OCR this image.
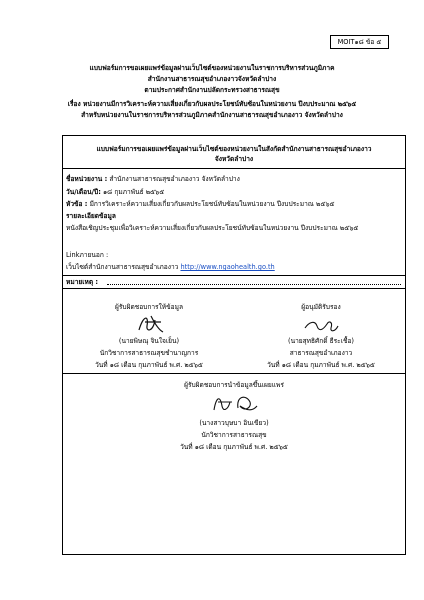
MOIT๑๘ ข้อ ๕
แบบฟอร์มการขอเผยแพร่ข้อมูลผ่านเว็บไซต์ของหน่วยงานในราชการบริหารส่วนภูมิภาค
สำนักงานสาธารณสุขอำเภองาวจังหวัดลำปาง
ตามประกาศสำนักงานปลัดกระทรวงสาธารณสุข
เรื่อง หน่วยงานมีการวิเคราะห์ความเสี่ยงเกี่ยวกับผลประโยชน์ทับซ้อนในหน่วยงาน ปีงบประมาณ ๒๕๖๕
สำหรับหน่วยงานในราชการบริหารส่วนภูมิภาคสำนักงานสาธารณสุขอำเภองาว จังหวัดลำปาง
แบบฟอร์มการขอเผยแพร่ข้อมูลผ่านเว็บไซต์ของหน่วยงานในสังกัดสำนักงานสาธารณสุขอำเภองาว
จังหวัดลำปาง
ชื่อหน่วยงาน : สำนักงานสาธารณสุขอำเภองาว จังหวัดลำปาง
วัน/เดือน/ปี: ๑๘ กุมภาพันธ์ ๒๕๖๕
หัวข้อ : มีการวิเคราะห์ความเสี่ยงเกี่ยวกับผลประโยชน์ทับซ้อนในหน่วยงาน ปีงบประมาณ ๒๕๖๕
รายละเอียดข้อมูล
หนังสือเชิญประชุมเพื่อวิเคราะห์ความเสี่ยงเกี่ยวกับผลประโยชน์ทับซ้อนในหน่วยงาน ปีงบประมาณ ๒๕๖๕
Linkภายนอก :
เว็บไซต์สำนักงานสาธารณสุขอำเภองาว http://www.ngaohealth.go.th
หมายเหตุ :
ผู้รับผิดชอบการให้ข้อมูล
(นายพิษณุ จินใจเย็น)
นักวิชาการสาธารณสุขชำนาญการ
วันที่ ๑๘ เดือน กุมภาพันธ์ พ.ศ. ๒๕๖๕
ผู้อนุมัติรับรอง
(นายสุทธิศักดิ์ ธีระเชื้อ)
สาธารณสุขอำเภองาว
วันที่ ๑๘ เดือน กุมภาพันธ์ พ.ศ. ๒๕๖๕
ผู้รับผิดชอบการนำข้อมูลขึ้นเผยแพร่
(นางสาวบุษบา อินเขียว)
นักวิชาการสาธารณสุข
วันที่ ๑๘ เดือน กุมภาพันธ์ พ.ศ. ๒๕๖๕
